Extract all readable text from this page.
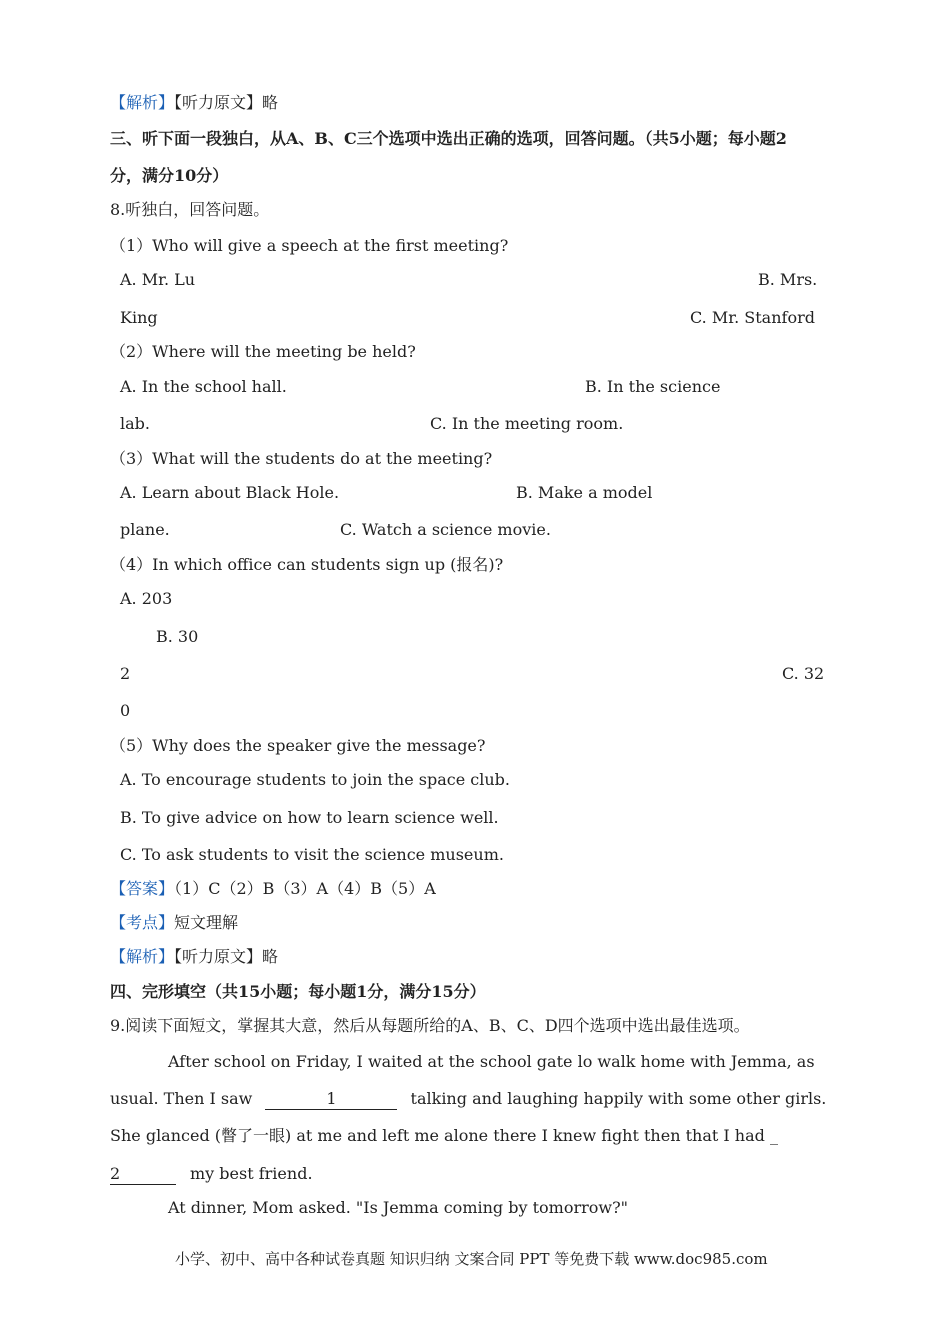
【解析】【听力原文】略
三、听下面一段独白，从A、B、C三个选项中选出正确的选项，回答问题。（共5小题；每小题2
分，满分10分）
8.听独白，回答问题。
（1）Who will give a speech at the first meeting?
A. Mr. Lu	B. Mrs.
King	C. Mr. Stanford
（2）Where will the meeting be held?
A. In the school hall.	B. In the science
lab.	C. In the meeting room.
（3）What will the students do at the meeting?
A. Learn about Black Hole.	B. Make a model
plane.	C. Watch a science movie.
（4）In which office can students sign up (报名)?
A. 203
B. 30
2	C. 32
0
（5）Why does the speaker give the message?
A. To encourage students to join the space club.
B. To give advice on how to learn science well.
C. To ask students to visit the science museum.
【答案】（1）C（2）B（3）A（4）B（5）A
【考点】短文理解
【解析】【听力原文】略
四、完形填空（共15小题；每小题1分，满分15分）
9.阅读下面短文，掌握其大意，然后从每题所给的A、B、C、D四个选项中选出最佳选项。
After school on Friday, I waited at the school gate lo walk home with Jemma, as
usual. Then I saw	1	talking and laughing happily with some other girls.
She glanced (瞥了一眼) at me and left me alone there I knew fight then that I had _
2	my best friend.
At dinner, Mom asked. "Is Jemma coming by tomorrow?"
小学、初中、高中各种试卷真题 知识归纳 文案合同 PPT 等免费下载 www.doc985.com
